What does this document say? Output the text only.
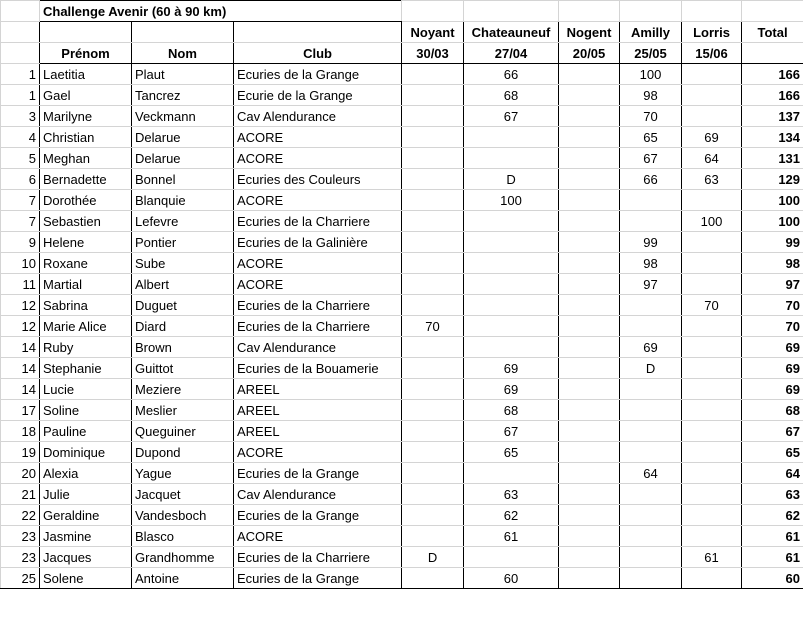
	Challenge Avenir (60 à 90 km)								
				Noyant	Chateauneuf	Nogent	Amilly	Lorris	Total
	Prénom	Nom	Club	30/03	27/04	20/05	25/05	15/06	
1	Laetitia	Plaut	Ecuries de la Grange		66		100		166
1	Gael	Tancrez	Ecurie de la Grange		68		98		166
3	Marilyne	Veckmann	Cav Alendurance		67		70		137
4	Christian	Delarue	ACORE				65	69	134
5	Meghan	Delarue	ACORE				67	64	131
6	Bernadette	Bonnel	Ecuries des Couleurs		D		66	63	129
7	Dorothée	Blanquie	ACORE		100				100
7	Sebastien	Lefevre	Ecuries de la Charriere					100	100
9	Helene	Pontier	Ecuries de la Galinière				99		99
10	Roxane	Sube	ACORE				98		98
11	Martial	Albert	ACORE				97		97
12	Sabrina	Duguet	Ecuries de la Charriere					70	70
12	Marie Alice	Diard	Ecuries de la Charriere	70					70
14	Ruby	Brown	Cav Alendurance				69		69
14	Stephanie	Guittot	Ecuries de la Bouamerie		69		D		69
14	Lucie	Meziere	AREEL		69				69
17	Soline	Meslier	AREEL		68				68
18	Pauline	Queguiner	AREEL		67				67
19	Dominique	Dupond	ACORE		65				65
20	Alexia	Yague	Ecuries de la Grange				64		64
21	Julie	Jacquet	Cav Alendurance		63				63
22	Geraldine	Vandesboch	Ecuries de la Grange		62				62
23	Jasmine	Blasco	ACORE		61				61
23	Jacques	Grandhomme	Ecuries de la Charriere	D				61	61
25	Solene	Antoine	Ecuries de la Grange		60				60
